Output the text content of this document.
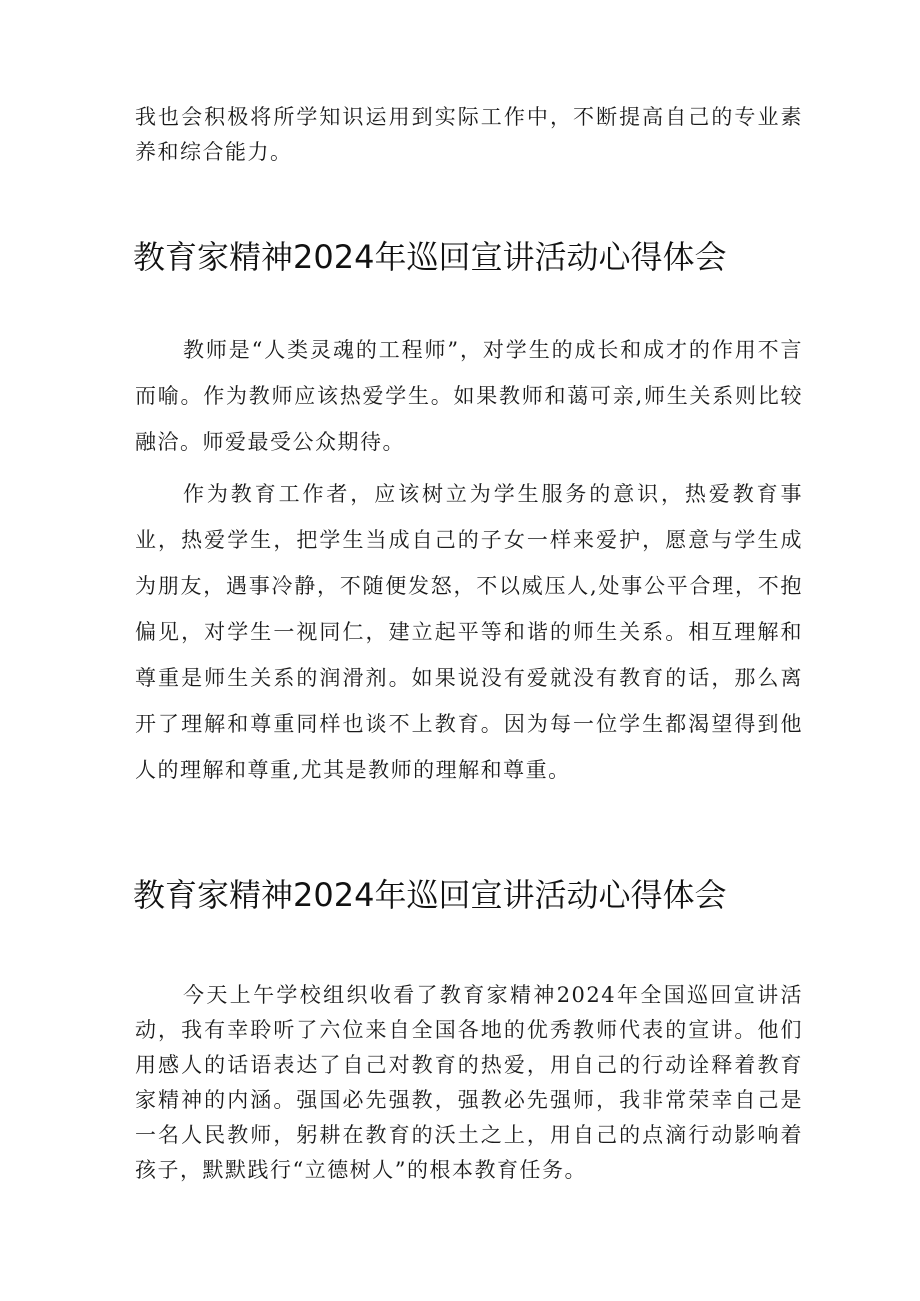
我也会积极将所学知识运用到实际工作中，不断提高自己的专业素养和综合能力。

教育家精神2024年巡回宣讲活动心得体会

教师是“人类灵魂的工程师”，对学生的成长和成才的作用不言而喻。作为教师应该热爱学生。如果教师和蔼可亲,师生关系则比较融洽。师爱最受公众期待。

作为教育工作者，应该树立为学生服务的意识，热爱教育事业，热爱学生，把学生当成自己的子女一样来爱护，愿意与学生成为朋友，遇事冷静，不随便发怒，不以威压人,处事公平合理，不抱偏见，对学生一视同仁，建立起平等和谐的师生关系。相互理解和尊重是师生关系的润滑剂。如果说没有爱就没有教育的话，那么离开了理解和尊重同样也谈不上教育。因为每一位学生都渴望得到他人的理解和尊重,尤其是教师的理解和尊重。

教育家精神2024年巡回宣讲活动心得体会

今天上午学校组织收看了教育家精神2024年全国巡回宣讲活动，我有幸聆听了六位来自全国各地的优秀教师代表的宣讲。他们用感人的话语表达了自己对教育的热爱，用自己的行动诠释着教育家精神的内涵。强国必先强教，强教必先强师，我非常荣幸自己是一名人民教师，躬耕在教育的沃土之上，用自己的点滴行动影响着孩子，默默践行“立德树人”的根本教育任务。
